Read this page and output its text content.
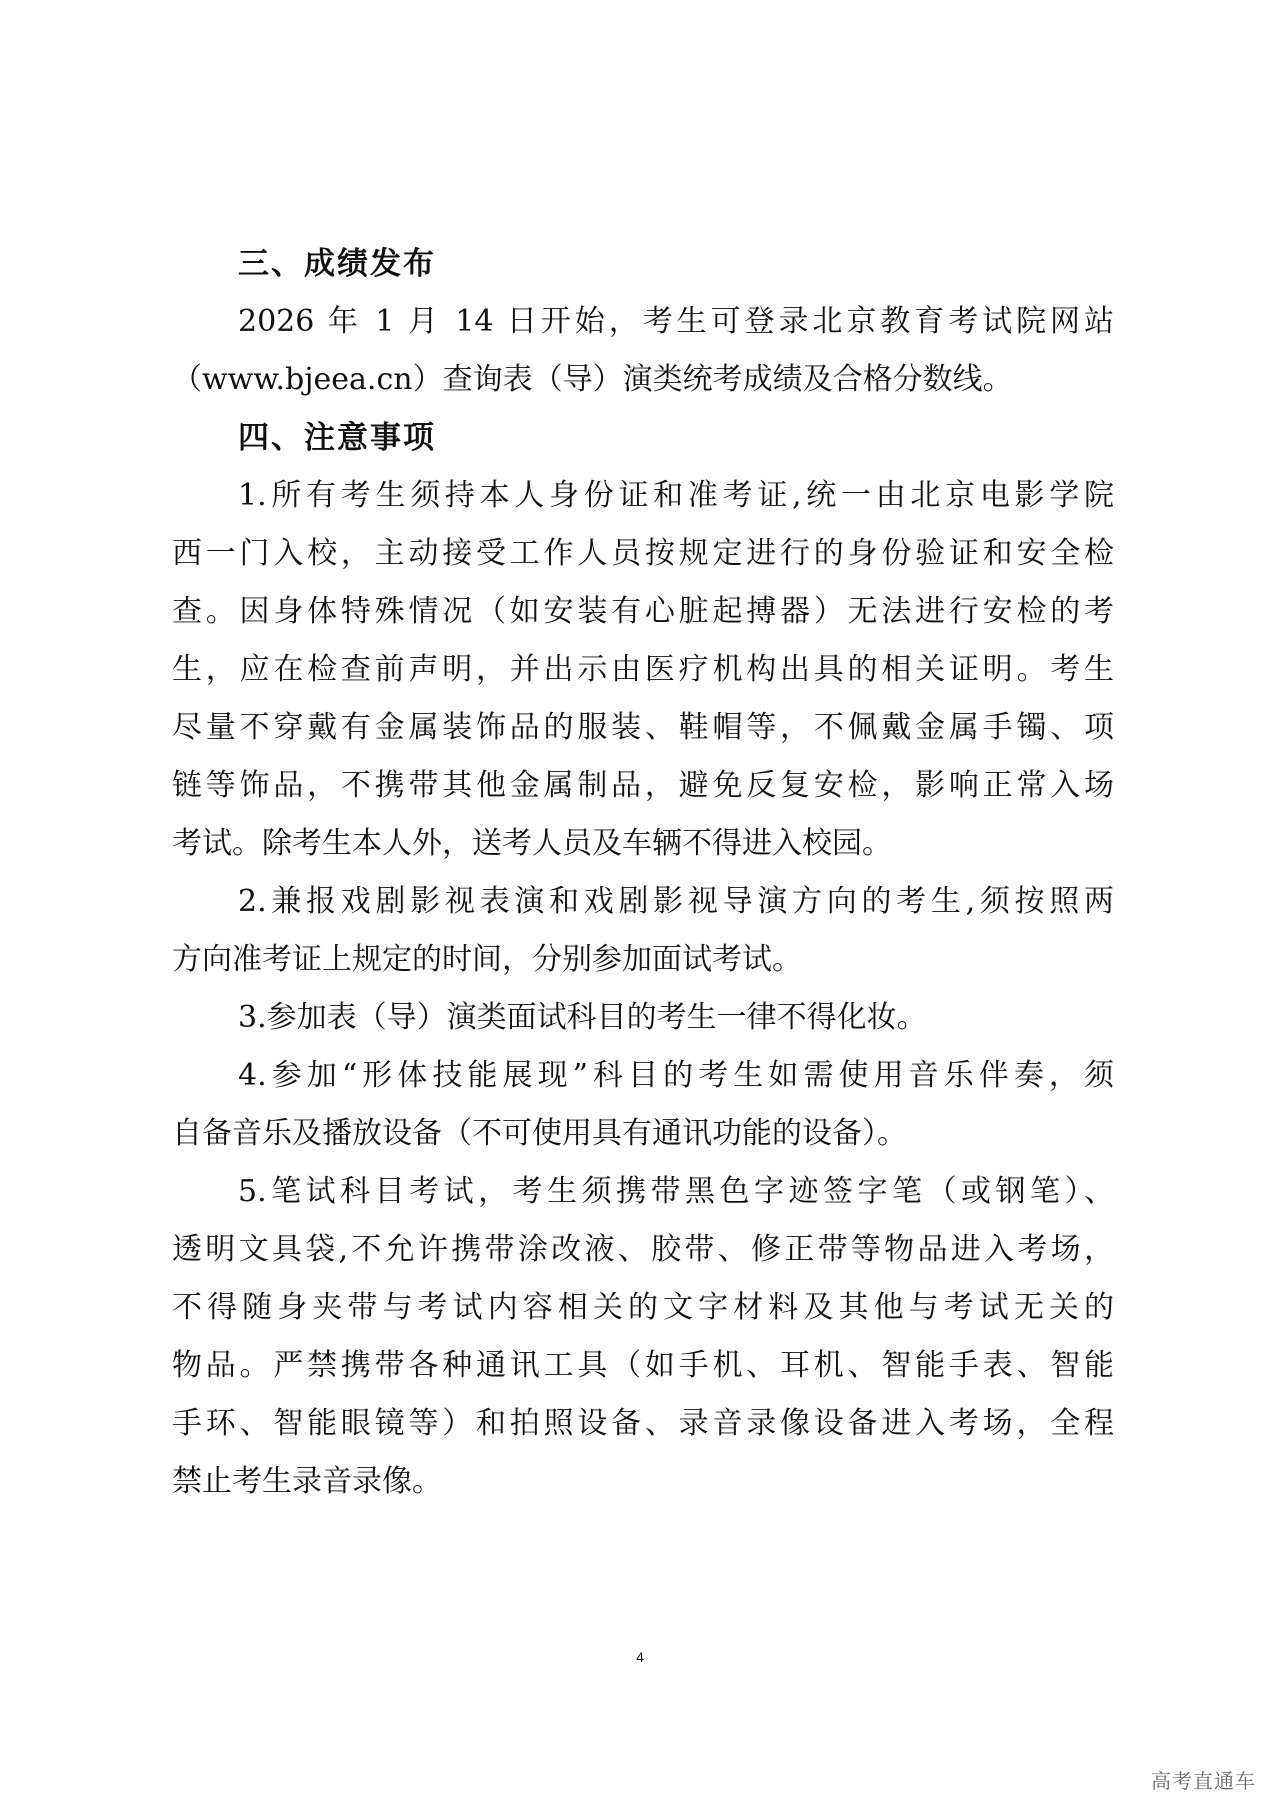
三、成绩发布

2026 年 1 月 14 日开始，考生可登录北京教育考试院网站

（www.bjeea.cn）查询表（导）演类统考成绩及合格分数线。

四、注意事项

1.所有考生须持本人身份证和准考证,统一由北京电影学院

西一门入校，主动接受工作人员按规定进行的身份验证和安全检

查。因身体特殊情况（如安装有心脏起搏器）无法进行安检的考

生，应在检查前声明，并出示由医疗机构出具的相关证明。考生

尽量不穿戴有金属装饰品的服装、鞋帽等，不佩戴金属手镯、项

链等饰品，不携带其他金属制品，避免反复安检，影响正常入场

考试。除考生本人外，送考人员及车辆不得进入校园。

2.兼报戏剧影视表演和戏剧影视导演方向的考生,须按照两

方向准考证上规定的时间，分别参加面试考试。

3.参加表（导）演类面试科目的考生一律不得化妆。

4.参加“形体技能展现”科目的考生如需使用音乐伴奏，须

自备音乐及播放设备（不可使用具有通讯功能的设备）。

5.笔试科目考试，考生须携带黑色字迹签字笔（或钢笔）、

透明文具袋,不允许携带涂改液、胶带、修正带等物品进入考场，

不得随身夹带与考试内容相关的文字材料及其他与考试无关的

物品。严禁携带各种通讯工具（如手机、耳机、智能手表、智能

手环、智能眼镜等）和拍照设备、录音录像设备进入考场，全程

禁止考生录音录像。

4
高考直通车
